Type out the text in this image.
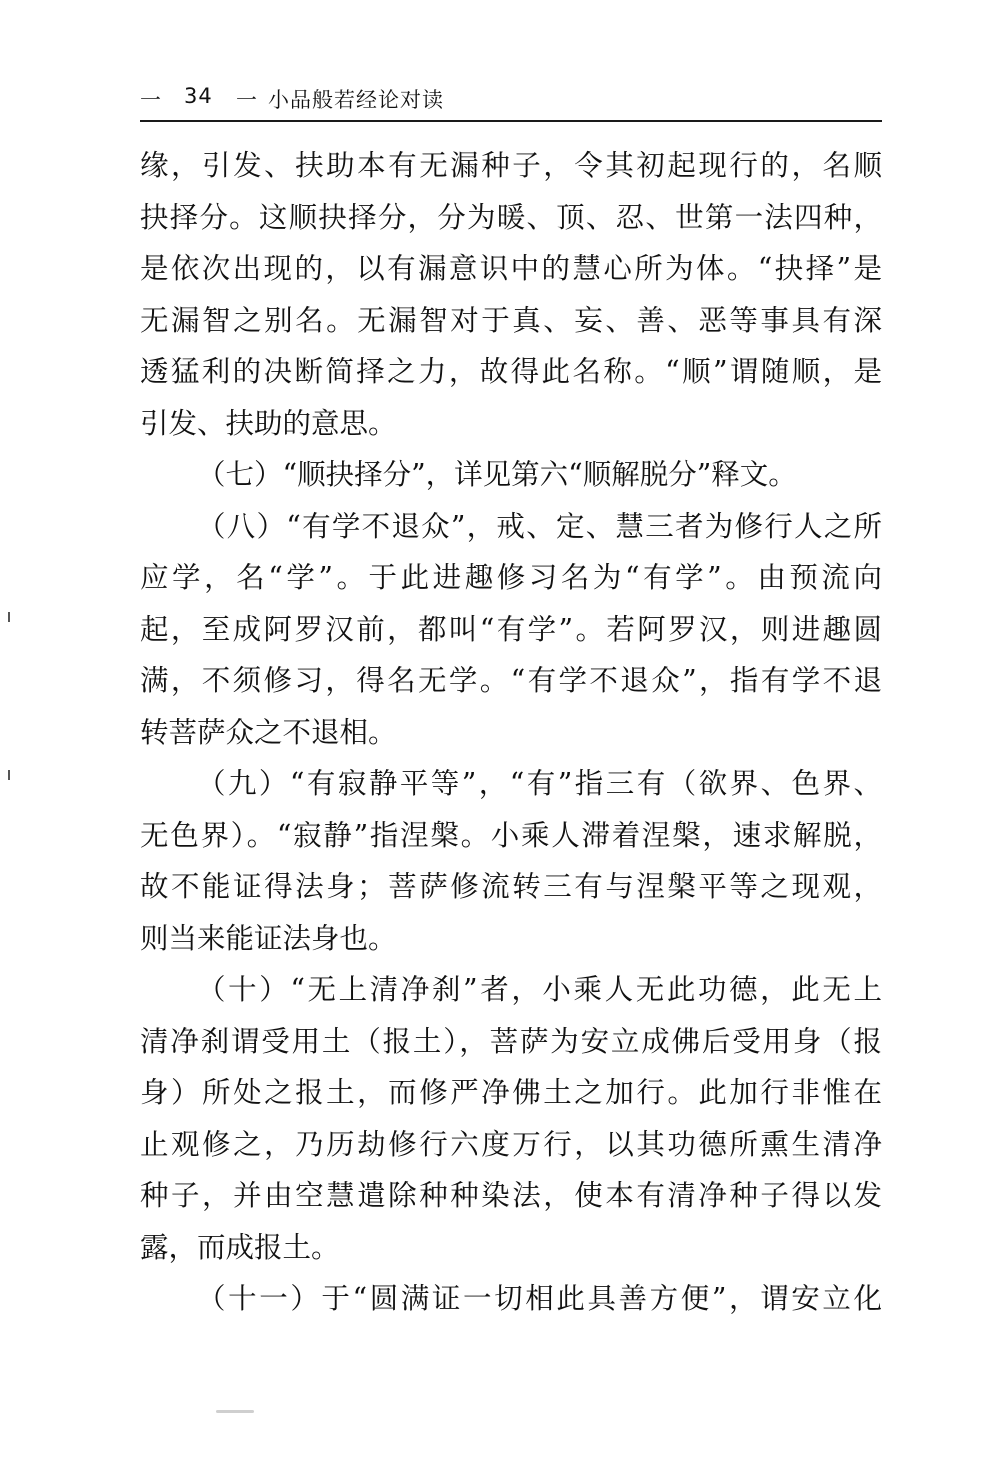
一 34 一 小品般若经论对读
缘，引发、扶助本有无漏种子，令其初起现行的，名顺
抉择分。这顺抉择分，分为暖、顶、忍、世第一法四种，
是依次出现的，以有漏意识中的慧心所为体。“抉择”是
无漏智之别名。无漏智对于真、妄、善、恶等事具有深
透猛利的决断简择之力，故得此名称。“顺”谓随顺，是
引发、扶助的意思。
（七）“顺抉择分”，详见第六“顺解脱分”释文。
（八）“有学不退众”，戒、定、慧三者为修行人之所
应学，名“学”。于此进趣修习名为“有学”。由预流向
起，至成阿罗汉前，都叫“有学”。若阿罗汉，则进趣圆
满，不须修习，得名无学。“有学不退众”，指有学不退
转菩萨众之不退相。
（九）“有寂静平等”，“有”指三有（欲界、色界、
无色界）。“寂静”指涅槃。小乘人滞着涅槃，速求解脱，
故不能证得法身；菩萨修流转三有与涅槃平等之现观，
则当来能证法身也。
（十）“无上清净刹”者，小乘人无此功德，此无上
清净刹谓受用土（报土），菩萨为安立成佛后受用身（报
身）所处之报土，而修严净佛土之加行。此加行非惟在
止观修之，乃历劫修行六度万行，以其功德所熏生清净
种子，并由空慧遣除种种染法，使本有清净种子得以发
露，而成报土。
（十一）于“圆满证一切相此具善方便”，谓安立化
